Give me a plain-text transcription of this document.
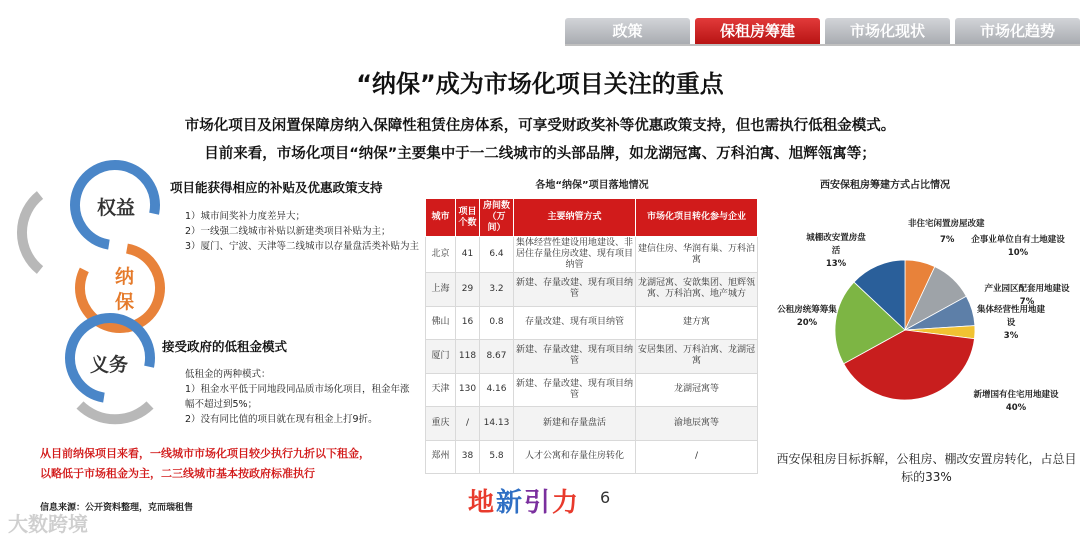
政策	保租房筹建	市场化现状	市场化趋势
“纳保”成为市场化项目关注的重点
市场化项目及闲置保障房纳入保障性租赁住房体系，可享受财政奖补等优惠政策支持，但也需执行低租金模式。
目前来看，市场化项目“纳保”主要集中于一二线城市的头部品牌，如龙湖冠寓、万科泊寓、旭辉瓴寓等；
权益
纳
保
义务
项目能获得相应的补贴及优惠政策支持
1）城市间奖补力度差异大；
2）一线强二线城市补贴以新建类项目补贴为主；
3）厦门、宁波、天津等二线城市以存量盘活类补贴为主
接受政府的低租金模式
低租金的两种模式：
1）租金水平低于同地段同品质市场化项目，租金年涨
幅不超过到5%；
2）没有同比值的项目就在现有租金上打9折。
从目前纳保项目来看，一线城市市场化项目较少执行九折以下租金，
以略低于市场租金为主，二三线城市基本按政府标准执行
信息来源：公开资料整理，克而瑞租售
各地“纳保”项目落地情况
城市	项目个数	房间数（万间）	主要纳管方式	市场化项目转化参与企业
北京	41	6.4	集体经营性建设用地建设、非居住存量住房改建、现有项目纳管	建信住房、华润有巢、万科泊寓
上海	29	3.2	新建、存量改建、现有项目纳管	龙湖冠寓、安歆集团、旭辉瓴寓、万科泊寓、地产城方
佛山	16	0.8	存量改建、现有项目纳管	建方寓
厦门	118	8.67	新建、存量改建、现有项目纳管	安居集团、万科泊寓、龙湖冠寓
天津	130	4.16	新建、存量改建、现有项目纳管	龙湖冠寓等
重庆	/	14.13	新建和存量盘活	渝地辰寓等
郑州	38	5.8	人才公寓和存量住房转化	/
西安保租房筹建方式占比情况
城棚改安置房盘活
13%
非住宅闲置房屋改建
7%	企事业单位自有土地建设
10%
产业园区配套用地建设
7%
集体经营性用地建设
3%
公租房统筹筹集
20%
新增国有住宅用地建设
40%
西安保租房目标拆解，公租房、棚改安置房转化，占总目标的33%
地新引力 6
大数跨境
